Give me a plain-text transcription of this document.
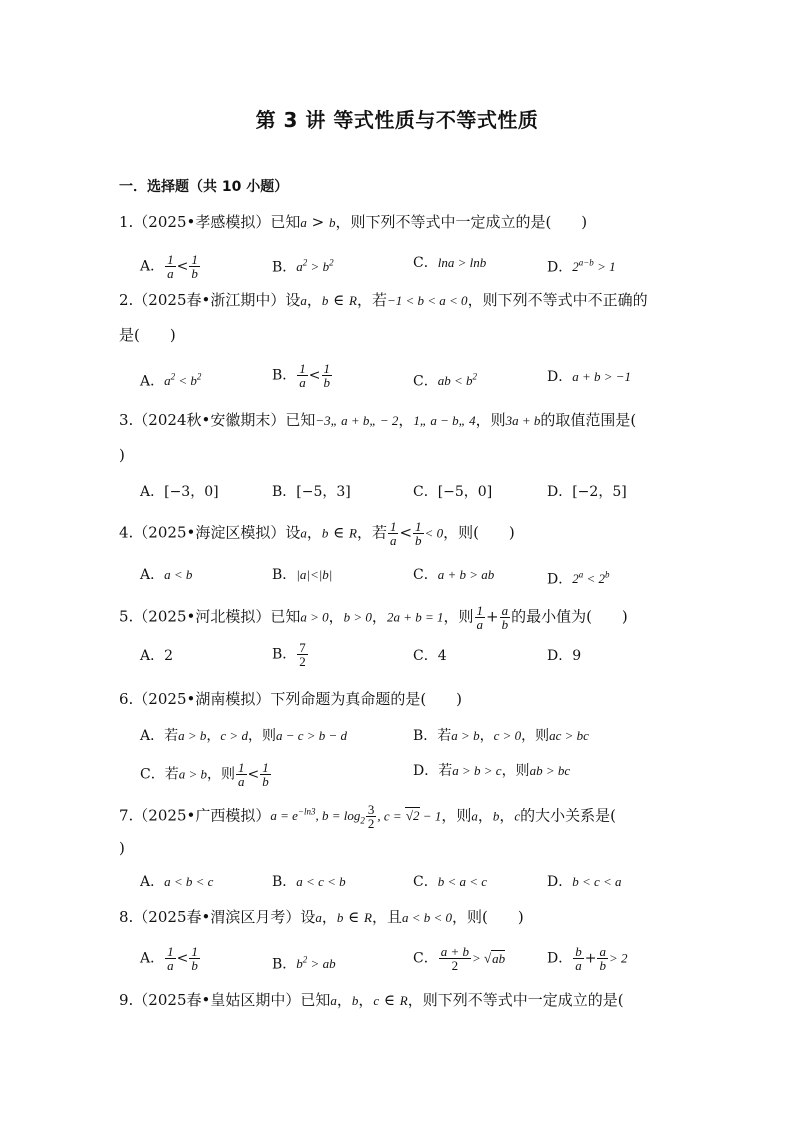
第 3 讲 等式性质与不等式性质
一．选择题（共 10 小题）
1.（2025•孝感模拟）已知a > b，则下列不等式中一定成立的是(　　)
A． $\frac{1}{a} < \frac{1}{b}$	B．$a^2 > b^2$	C．lna > lnb	D．$2^{a-b} > 1$
2.（2025春•浙江期中）设a，b ∈ R，若−1 < b < a < 0，则下列不等式中不正确的
是(　　)
A．$a^2 < b^2$	B． $\frac{1}{a} < \frac{1}{b}$	C．ab < $b^2$	D．a + b > −1
3.（2024秋•安徽期末）已知−3„ a + b„ − 2，1„ a − b„ 4，则3a + b的取值范围是(
)
A．[−3，0]	B．[−5，3]	C．[−5，0]	D．[−2，5]
4.（2025•海淀区模拟）设a，b ∈ R，若 $\frac{1}{a} < \frac{1}{b} < 0$，则(　　)
A．a < b	B．|a|<|b|	C．a + b > ab	D．$2^a < 2^b$
5.（2025•河北模拟）已知a > 0，b > 0，2a + b = 1，则 $\frac{1}{a} + \frac{a}{b}$ 的最小值为(　　)
A．2	B． $\frac{7}{2}$	C．4	D．9
6.（2025•湖南模拟）下列命题为真命题的是(　　)
A．若a > b，c > d，则a − c > b − d	B．若a > b，c > 0，则ac > bc
C．若a > b，则 $\frac{1}{a} < \frac{1}{b}$	D．若a > b > c，则ab > bc
7.（2025•广西模拟）$a = e^{-ln3}$, $b = \log_2 \frac{3}{2}$ , c = √2 − 1，则a，b，c的大小关系是(
)
A．a < b < c	B．a < c < b	C．b < a < c	D．b < c < a
8.（2025春•渭滨区月考）设a，b ∈ R，且a < b < 0，则(　　)
A． $\frac{1}{a} < \frac{1}{b}$	B．$b^2$ > ab	C． $\frac{a + b}{2} > √ab$	D． $\frac{b}{a} + \frac{a}{b} > 2$
9.（2025春•皇姑区期中）已知a，b，c ∈ R，则下列不等式中一定成立的是(
